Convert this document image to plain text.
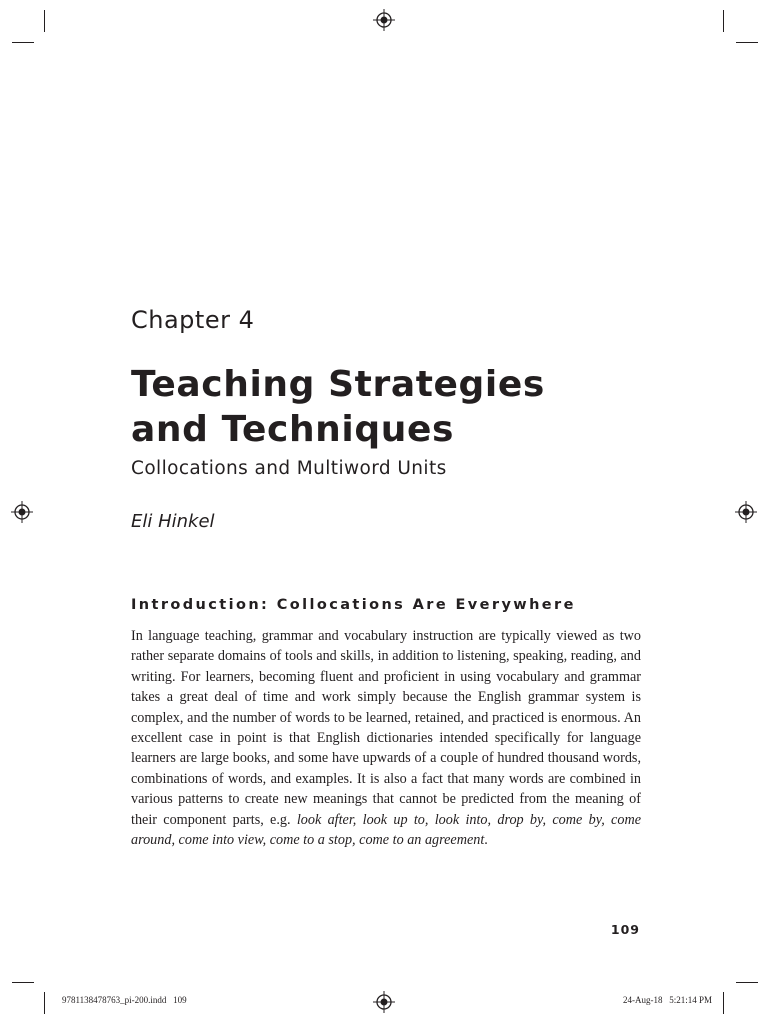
Chapter 4
Teaching Strategies
and Techniques
Collocations and Multiword Units
Eli Hinkel
Introduction: Collocations Are Everywhere

In language teaching, grammar and vocabulary instruction are typically viewed as two rather separate domains of tools and skills, in addition to listening, speaking, reading, and writing. For learners, becoming fluent and proficient in using vocabulary and grammar takes a great deal of time and work simply because the English grammar system is complex, and the number of words to be learned, retained, and practiced is enormous. An excellent case in point is that English dictionaries intended specifically for language learners are large books, and some have upwards of a couple of hundred thousand words, combinations of words, and examples. It is also a fact that many words are combined in various patterns to create new meanings that cannot be predicted from the meaning of their component parts, e.g. look after, look up to, look into, drop by, come by, come around, come into view, come to a stop, come to an agreement.

109
9781138478763_pi-200.indd   109	24-Aug-18   5:21:14 PM
